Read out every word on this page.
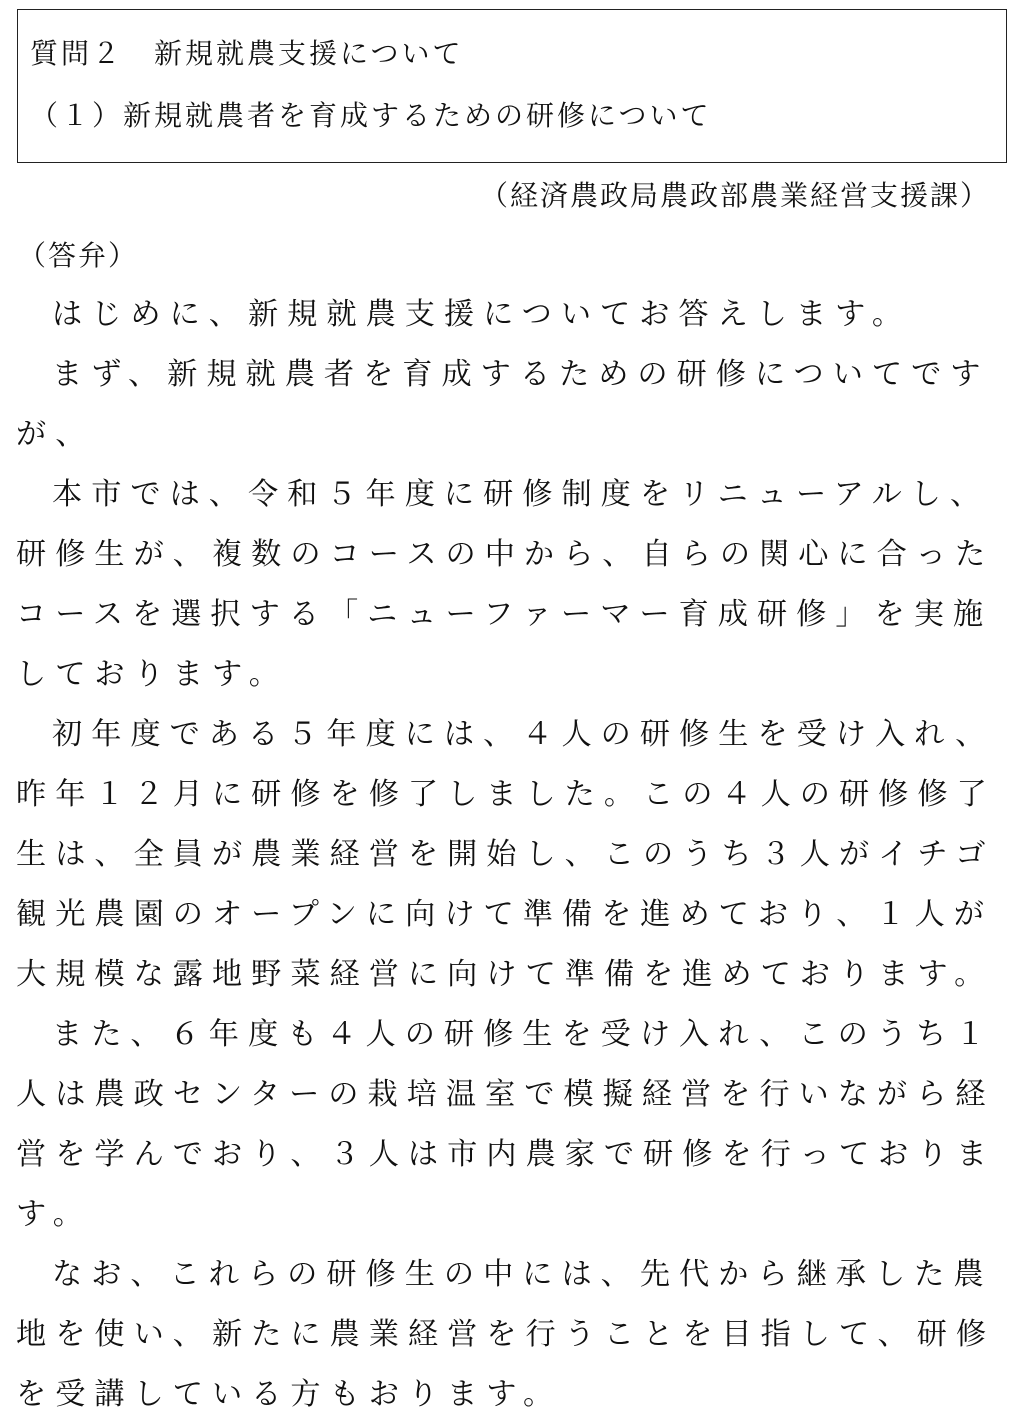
質問２　新規就農支援について
（１）新規就農者を育成するための研修について
（経済農政局農政部農業経営支援課）
（答弁）

はじめに、新規就農支援についてお答えします。

まず、新規就農者を育成するための研修についてですが、

本市では、令和５年度に研修制度をリニューアルし、研修生が、複数のコースの中から、自らの関心に合ったコースを選択する「ニューファーマー育成研修」を実施しております。

初年度である５年度には、４人の研修生を受け入れ、昨年１２月に研修を修了しました。この４人の研修修了生は、全員が農業経営を開始し、このうち３人がイチゴ観光農園のオープンに向けて準備を進めており、１人が大規模な露地野菜経営に向けて準備を進めております。

また、６年度も４人の研修生を受け入れ、このうち１人は農政センターの栽培温室で模擬経営を行いながら経営を学んでおり、３人は市内農家で研修を行っております。

なお、これらの研修生の中には、先代から継承した農地を使い、新たに農業経営を行うことを目指して、研修を受講している方もおります。
